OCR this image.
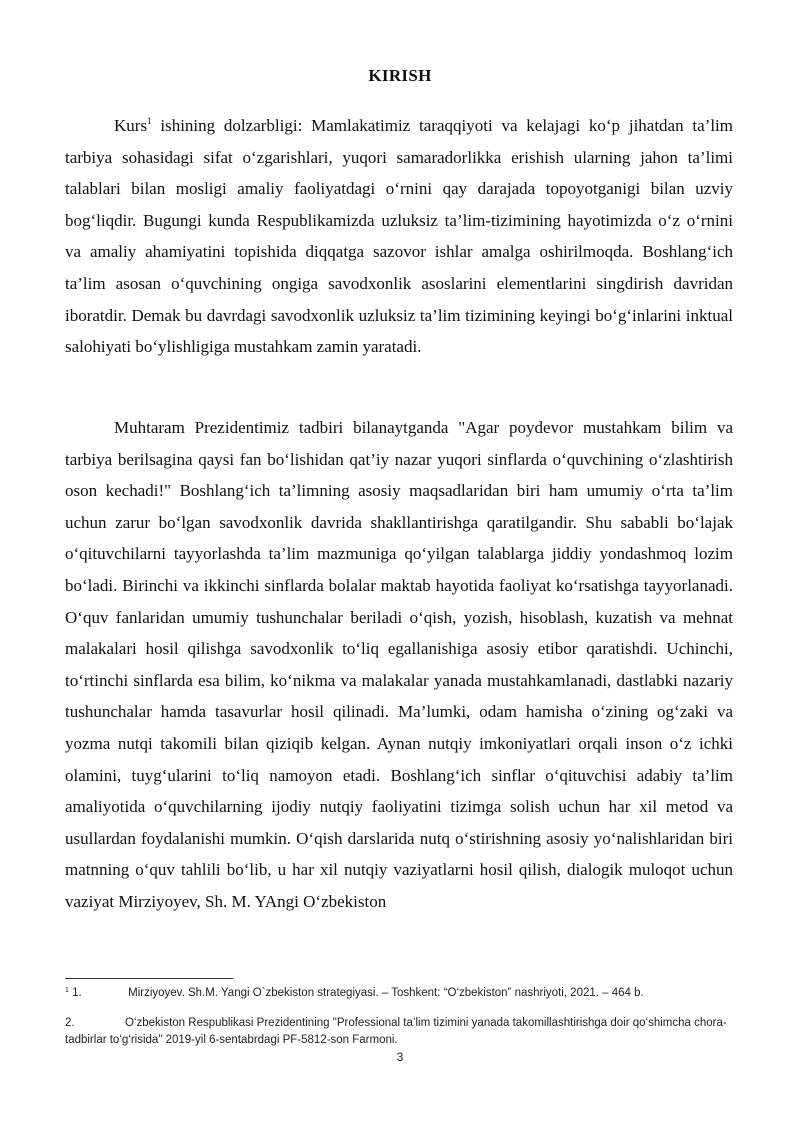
KIRISH

Kurs$^1$ ishining dolzarbligi: Mamlakatimiz taraqqiyoti va kelajagi ko‘p jihatdan ta’lim tarbiya sohasidagi sifat o‘zgarishlari, yuqori samaradorlikka erishish ularning jahon ta’limi talablari bilan mosligi amaliy faoliyatdagi o‘rnini qay darajada topoyotganigi bilan uzviy bog‘liqdir. Bugungi kunda Respublikamizda uzluksiz ta’lim-tizimining hayotimizda o‘z o‘rnini va amaliy ahamiyatini topishida diqqatga sazovor ishlar amalga oshirilmoqda. Boshlang‘ich ta’lim asosan o‘quvchining ongiga savodxonlik asoslarini elementlarini singdirish davridan iboratdir. Demak bu davrdagi savodxonlik uzluksiz ta’lim tizimining keyingi bo‘g‘inlarini inktual salohiyati bo‘ylishligiga mustahkam zamin yaratadi.

Muhtaram Prezidentimiz tadbiri bilanaytganda "Agar poydevor mustahkam bilim va tarbiya berilsagina qaysi fan bo‘lishidan qat’iy nazar yuqori sinflarda o‘quvchining o‘zlashtirish oson kechadi!" Boshlang‘ich ta’limning asosiy maqsadlaridan biri ham umumiy o‘rta ta’lim uchun zarur bo‘lgan savodxonlik davrida shakllantirishga qaratilgandir. Shu sababli bo‘lajak o‘qituvchilarni tayyorlashda ta’lim mazmuniga qo‘yilgan talablarga jiddiy yondashmoq lozim bo‘ladi. Birinchi va ikkinchi sinflarda bolalar maktab hayotida faoliyat ko‘rsatishga tayyorlanadi. O‘quv fanlaridan umumiy tushunchalar beriladi o‘qish, yozish, hisoblash, kuzatish va mehnat malakalari hosil qilishga savodxonlik to‘liq egallanishiga asosiy etibor qaratishdi. Uchinchi, to‘rtinchi sinflarda esa bilim, ko‘nikma va malakalar yanada mustahkamlanadi, dastlabki nazariy tushunchalar hamda tasavurlar hosil qilinadi. Ma’lumki, odam hamisha o‘zining og‘zaki va yozma nutqi takomili bilan qiziqib kelgan. Aynan nutqiy imkoniyatlari orqali inson o‘z ichki olamini, tuyg‘ularini to‘liq namoyon etadi. Boshlang‘ich sinflar o‘qituvchisi adabiy ta’lim amaliyotida o‘quvchilarning ijodiy nutqiy faoliyatini tizimga solish uchun har xil metod va usullardan foydalanishi mumkin. O‘qish darslarida nutq o‘stirishning asosiy yo‘nalishlaridan biri matnning o‘quv tahlili bo‘lib, u har xil nutqiy vaziyatlarni hosil qilish, dialogik muloqot uchun vaziyat Mirziyoyev, Sh. M. YAngi O‘zbekiston

$^1$ 1.	Mirziyoyev. Sh.M. Yangi O`zbekiston strategiyasi. – Toshkent: “O‘zbekiston” nashriyoti, 2021. – 464 b.
2.	O‘zbekiston Respublikasi Prezidentining "Professional ta’lim tizimini yanada takomillashtirishga doir qo‘shimcha chora-tadbirlar to‘g‘risida" 2019-yil 6-sentabrdagi PF-5812-son Farmoni.
3
